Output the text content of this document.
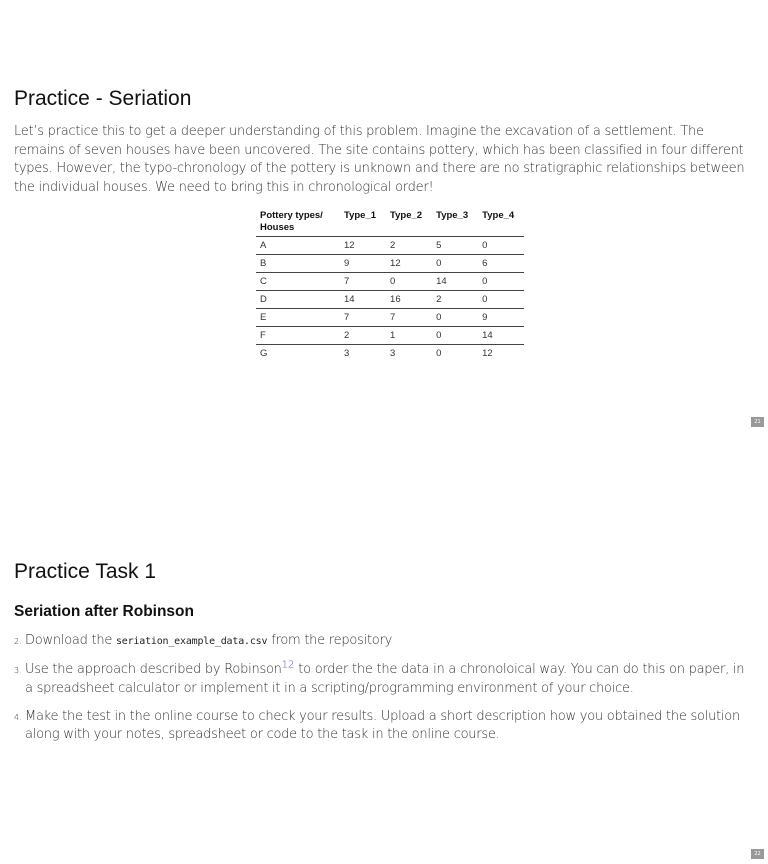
Practice - Seriation

Let’s practice this to get a deeper understanding of this problem. Imagine the excavation of a settlement. The remains of seven houses have been uncovered. The site contains pottery, which has been classified in four different types. However, the typo-chronology of the pottery is unknown and there are no stratigraphic relationships between the individual houses. We need to bring this in chronological order!

Pottery types/ Houses	Type_1	Type_2	Type_3	Type_4
A	12	2	5	0
B	9	12	0	6
C	7	0	14	0
D	14	16	2	0
E	7	7	0	9
F	2	1	0	14
G	3	3	0	12
21
Practice Task 1
Seriation after Robinson
2. Download the seriation_example_data.csv from the repository
3. Use the approach described by Robinson$^{12}$ to order the the data in a chronoloical way. You can do this on paper, in a spreadsheet calculator or implement it in a scripting/programming environment of your choice.
4. Make the test in the online course to check your results. Upload a short description how you obtained the solution along with your notes, spreadsheet or code to the task in the online course.
22
